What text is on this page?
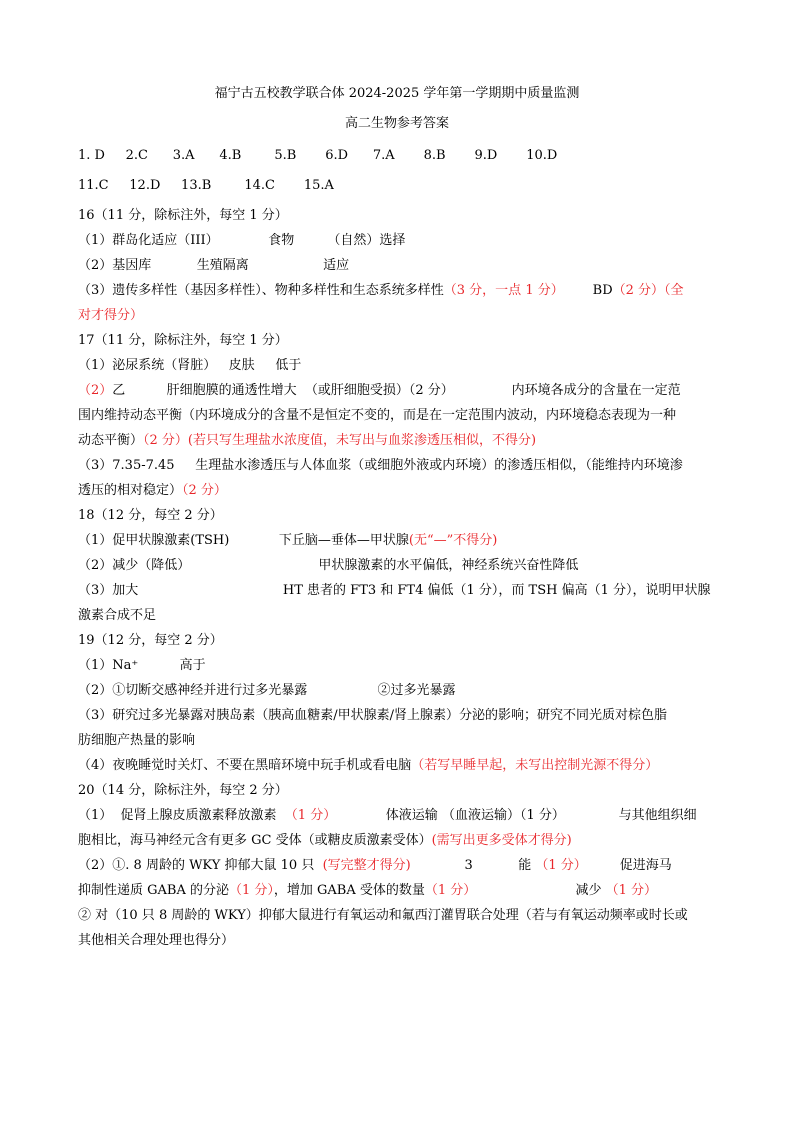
福宁古五校教学联合体 2024-2025 学年第一学期期中质量监测
高二生物参考答案
1. D     2.C      3.A      4.B        5.B       6.D      7.A       8.B       9.D       10.D
11.C     12.D     13.B        14.C       15.A
16（11 分，除标注外，每空 1 分）
（1）群岛化适应（III）            食物        （自然）选择
（2）基因库           生殖隔离                  适应
（3）遗传多样性（基因多样性）、物种多样性和生态系统多样性（3 分，一点 1 分）       BD（2 分）（全
对才得分）
17（11 分，除标注外，每空 1 分）
（1）泌尿系统（肾脏）   皮肤     低于
（2）乙          肝细胞膜的通透性增大  （或肝细胞受损）（2 分）              内环境各成分的含量在一定范
围内维持动态平衡（内环境成分的含量不是恒定不变的，而是在一定范围内波动，内环境稳态表现为一种
动态平衡）（2 分）(若只写生理盐水浓度值，未写出与血浆渗透压相似，不得分)
（3）7.35-7.45     生理盐水渗透压与人体血浆（或细胞外液或内环境）的渗透压相似，（能维持内环境渗
透压的相对稳定）（2 分）
18（12 分，每空 2 分）
（1）促甲状腺激素(TSH)            下丘脑—垂体—甲状腺(无“—”不得分)
（2）减少（降低）                               甲状腺激素的水平偏低，神经系统兴奋性降低
（3）加大                                   HT 患者的 FT3 和 FT4 偏低（1 分），而 TSH 偏高（1 分），说明甲状腺
激素合成不足
19（12 分，每空 2 分）
（1）Na⁺          高于
（2）①切断交感神经并进行过多光暴露                 ②过多光暴露
（3）研究过多光暴露对胰岛素（胰高血糖素/甲状腺素/肾上腺素）分泌的影响；研究不同光质对棕色脂
肪细胞产热量的影响
（4）夜晚睡觉时关灯、不要在黑暗环境中玩手机或看电脑（若写早睡早起，未写出控制光源不得分）
20（14 分，除标注外，每空 2 分）
（1）  促肾上腺皮质激素释放激素  （1 分）            体液运输 （血液运输）（1 分）             与其他组织细
胞相比，海马神经元含有更多 GC 受体（或糖皮质激素受体）(需写出更多受体才得分)
（2）①. 8 周龄的 WKY 抑郁大鼠 10 只  (写完整才得分)             3           能 （1 分）        促进海马
抑制性递质 GABA 的分泌（1 分），增加 GABA 受体的数量（1 分）                        减少 （1 分）
② 对（10 只 8 周龄的 WKY）抑郁大鼠进行有氧运动和氟西汀灌胃联合处理（若与有氧运动频率或时长或
其他相关合理处理也得分）
